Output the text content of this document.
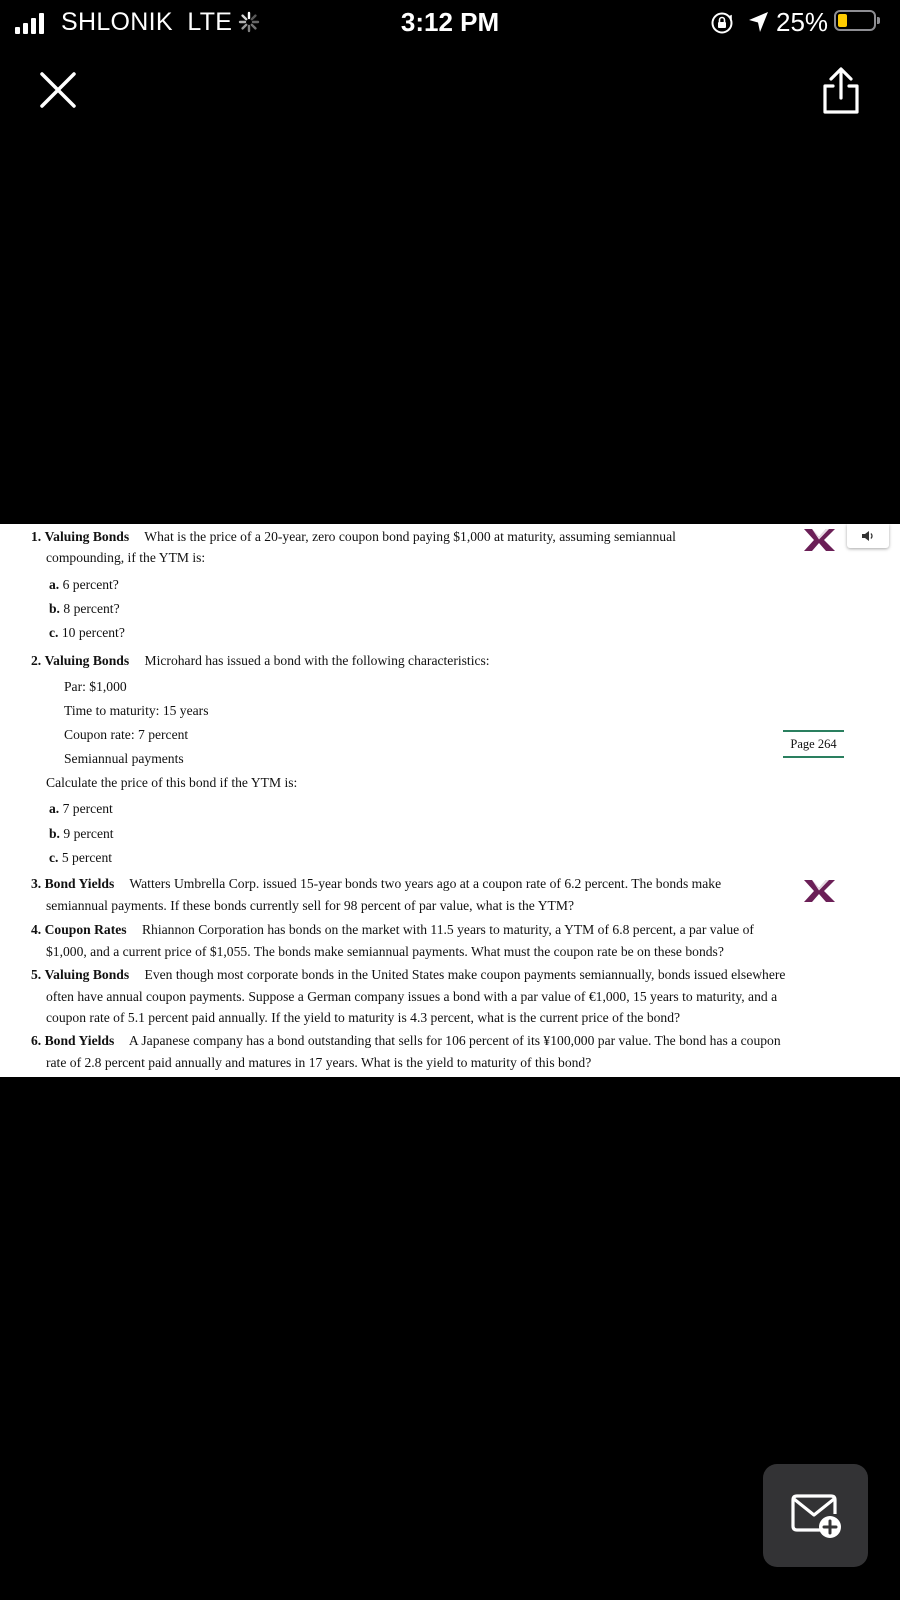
SHLONIK LTE	3:12 PM	25%
1. Valuing Bonds What is the price of a 20-year, zero coupon bond paying $1,000 at maturity, assuming semiannual
compounding, if the YTM is:
a. 6 percent?
b. 8 percent?
c. 10 percent?
2. Valuing Bonds Microhard has issued a bond with the following characteristics:
Par: $1,000
Time to maturity: 15 years
Coupon rate: 7 percent
Semiannual payments
Calculate the price of this bond if the YTM is:
a. 7 percent
b. 9 percent
c. 5 percent
3. Bond Yields Watters Umbrella Corp. issued 15-year bonds two years ago at a coupon rate of 6.2 percent. The bonds make
semiannual payments. If these bonds currently sell for 98 percent of par value, what is the YTM?
4. Coupon Rates Rhiannon Corporation has bonds on the market with 11.5 years to maturity, a YTM of 6.8 percent, a par value of
$1,000, and a current price of $1,055. The bonds make semiannual payments. What must the coupon rate be on these bonds?
5. Valuing Bonds Even though most corporate bonds in the United States make coupon payments semiannually, bonds issued elsewhere
often have annual coupon payments. Suppose a German company issues a bond with a par value of €1,000, 15 years to maturity, and a
coupon rate of 5.1 percent paid annually. If the yield to maturity is 4.3 percent, what is the current price of the bond?
6. Bond Yields A Japanese company has a bond outstanding that sells for 106 percent of its ¥100,000 par value. The bond has a coupon
rate of 2.8 percent paid annually and matures in 17 years. What is the yield to maturity of this bond?
Page 264
